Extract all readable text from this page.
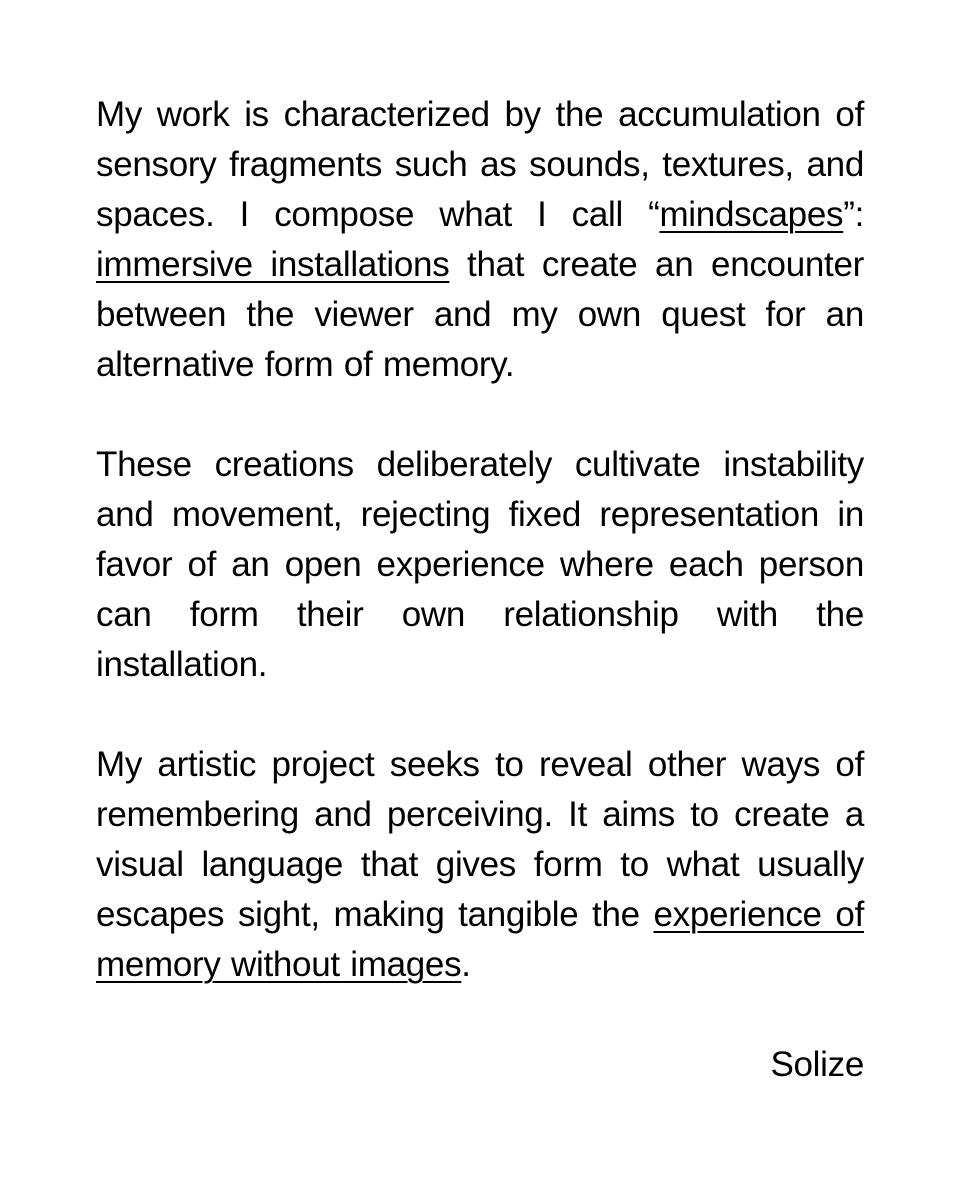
My work is characterized by the accumulation of sensory fragments such as sounds, textures, and spaces. I compose what I call “mindscapes”: immersive installations that create an encounter between the viewer and my own quest for an alternative form of memory.

These creations deliberately cultivate instability and movement, rejecting fixed representation in favor of an open experience where each person can form their own relationship with the installation.

My artistic project seeks to reveal other ways of remembering and perceiving. It aims to create a visual language that gives form to what usually escapes sight, making tangible the experience of memory without images.

Solize
